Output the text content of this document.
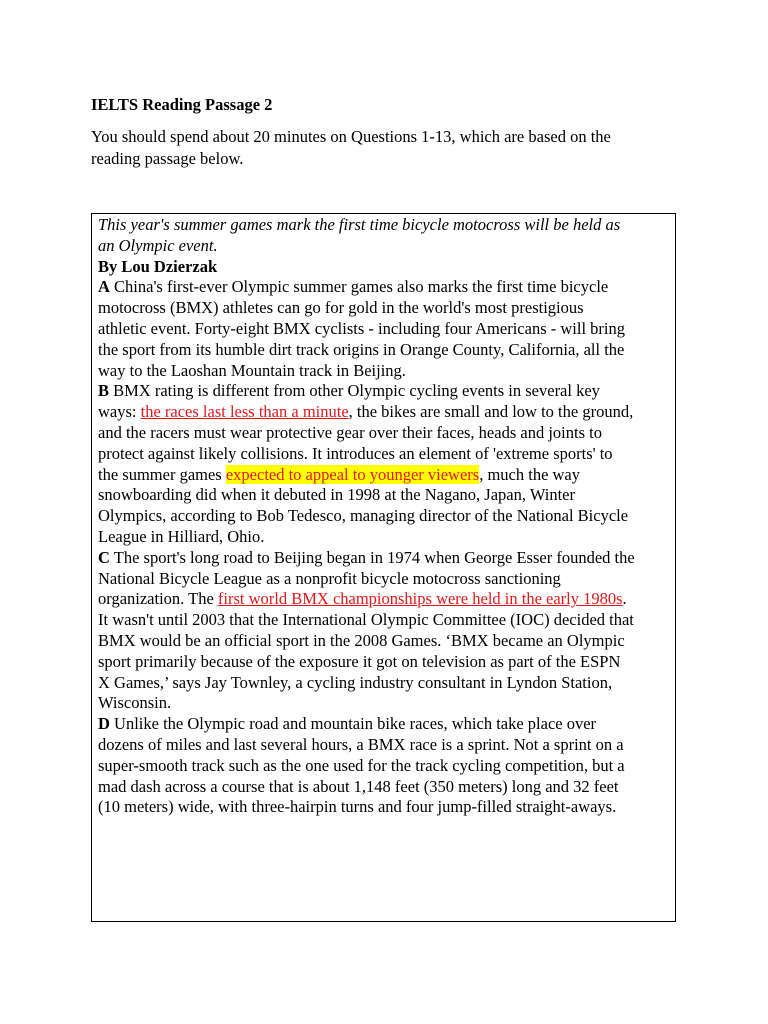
IELTS Reading Passage 2
You should spend about 20 minutes on Questions 1-13, which are based on the
reading passage below.
This year's summer games mark the first time bicycle motocross will be held as
an Olympic event.
By Lou Dzierzak
A China's first-ever Olympic summer games also marks the first time bicycle
motocross (BMX) athletes can go for gold in the world's most prestigious
athletic event. Forty-eight BMX cyclists - including four Americans - will bring
the sport from its humble dirt track origins in Orange County, California, all the
way to the Laoshan Mountain track in Beijing.
B BMX rating is different from other Olympic cycling events in several key
ways: the races last less than a minute, the bikes are small and low to the ground,
and the racers must wear protective gear over their faces, heads and joints to
protect against likely collisions. It introduces an element of 'extreme sports' to
the summer games expected to appeal to younger viewers, much the way
snowboarding did when it debuted in 1998 at the Nagano, Japan, Winter
Olympics, according to Bob Tedesco, managing director of the National Bicycle
League in Hilliard, Ohio.
C The sport's long road to Beijing began in 1974 when George Esser founded the
National Bicycle League as a nonprofit bicycle motocross sanctioning
organization. The first world BMX championships were held in the early 1980s.
It wasn't until 2003 that the International Olympic Committee (IOC) decided that
BMX would be an official sport in the 2008 Games. ‘BMX became an Olympic
sport primarily because of the exposure it got on television as part of the ESPN
X Games,’ says Jay Townley, a cycling industry consultant in Lyndon Station,
Wisconsin.
D Unlike the Olympic road and mountain bike races, which take place over
dozens of miles and last several hours, a BMX race is a sprint. Not a sprint on a
super-smooth track such as the one used for the track cycling competition, but a
mad dash across a course that is about 1,148 feet (350 meters) long and 32 feet
(10 meters) wide, with three-hairpin turns and four jump-filled straight-aways.
